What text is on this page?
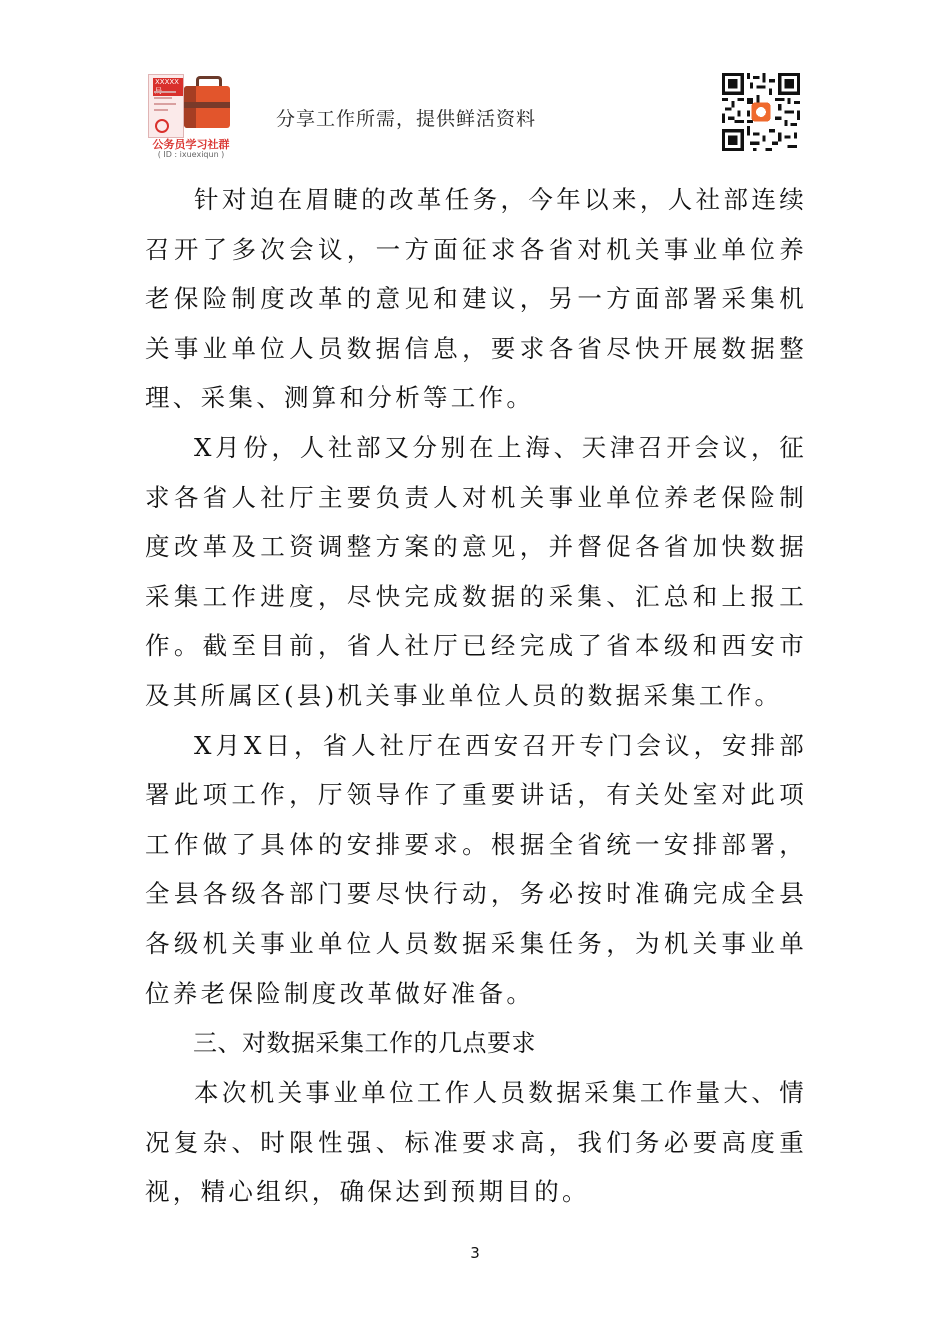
XXXXX
公务员学习社群
( ID : ixuexiqun )
分享工作所需，提供鲜活资料

针对迫在眉睫的改革任务，今年以来，人社部连续召开了多次会议，一方面征求各省对机关事业单位养老保险制度改革的意见和建议，另一方面部署采集机关事业单位人员数据信息，要求各省尽快开展数据整理、采集、测算和分析等工作。

X月份，人社部又分别在上海、天津召开会议，征求各省人社厅主要负责人对机关事业单位养老保险制度改革及工资调整方案的意见，并督促各省加快数据采集工作进度，尽快完成数据的采集、汇总和上报工作。截至目前，省人社厅已经完成了省本级和西安市及其所属区(县)机关事业单位人员的数据采集工作。

X月X日，省人社厅在西安召开专门会议，安排部署此项工作，厅领导作了重要讲话，有关处室对此项工作做了具体的安排要求。根据全省统一安排部署，全县各级各部门要尽快行动，务必按时准确完成全县各级机关事业单位人员数据采集任务，为机关事业单位养老保险制度改革做好准备。

三、对数据采集工作的几点要求

本次机关事业单位工作人员数据采集工作量大、情况复杂、时限性强、标准要求高，我们务必要高度重视，精心组织，确保达到预期目的。

3
